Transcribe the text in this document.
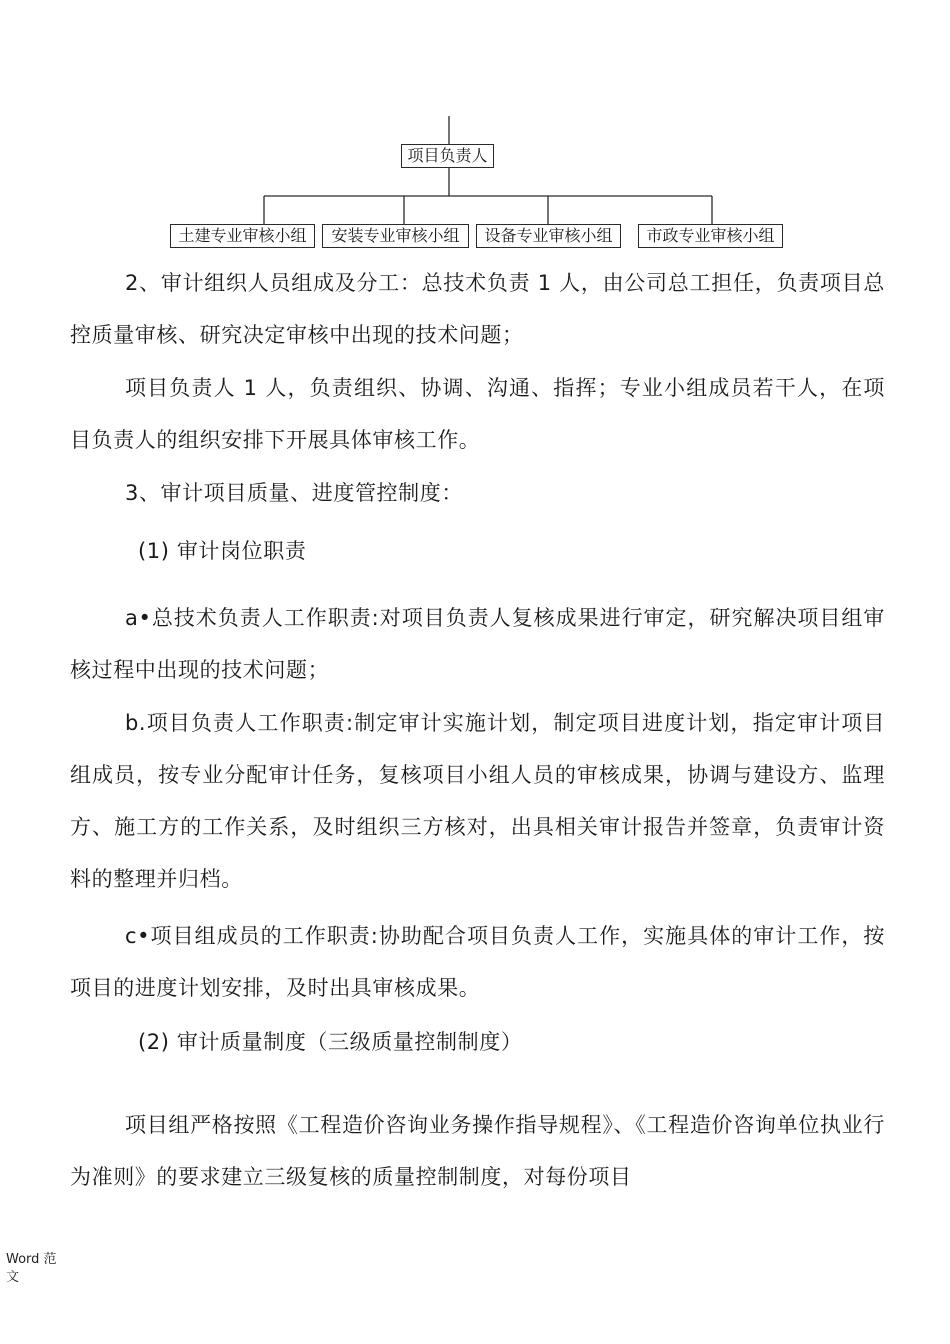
项目负责人
土建专业审核小组	安装专业审核小组	设备专业审核小组	市政专业审核小组

2、审计组织人员组成及分工：总技术负责 1 人，由公司总工担任，负责项目总控质量审核、研究决定审核中出现的技术问题；

项目负责人 1 人，负责组织、协调、沟通、指挥；专业小组成员若干人，在项目负责人的组织安排下开展具体审核工作。

3、审计项目质量、进度管控制度：

(1) 审计岗位职责

a•总技术负责人工作职责:对项目负责人复核成果进行审定，研究解决项目组审核过程中出现的技术问题；

b.项目负责人工作职责:制定审计实施计划，制定项目进度计划，指定审计项目组成员，按专业分配审计任务，复核项目小组人员的审核成果，协调与建设方、监理方、施工方的工作关系，及时组织三方核对，出具相关审计报告并签章，负责审计资料的整理并归档。

c•项目组成员的工作职责:协助配合项目负责人工作，实施具体的审计工作，按项目的进度计划安排，及时出具审核成果。

(2) 审计质量制度（三级质量控制制度）

项目组严格按照《工程造价咨询业务操作指导规程》、《工程造价咨询单位执业行为准则》的要求建立三级复核的质量控制制度，对每份项目

Word 范文
